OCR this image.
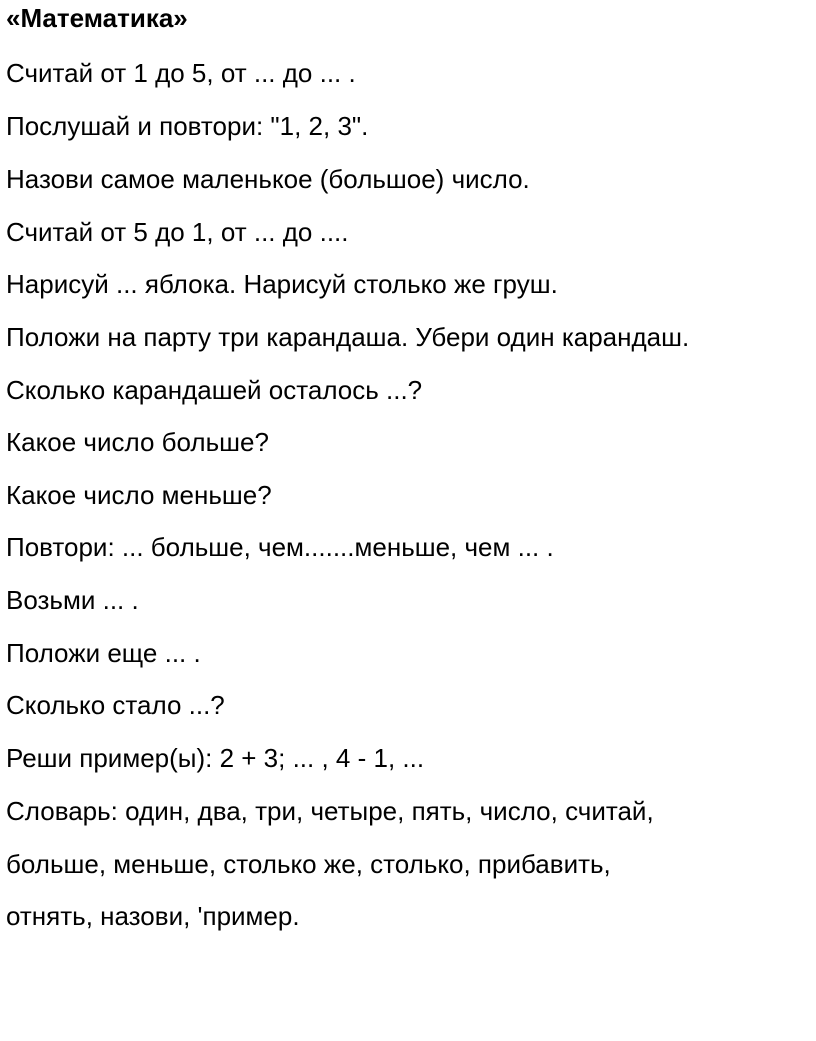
«Математика»
Считай от 1 до 5, от ... до ... .
Послушай и повтори: "1, 2, 3".
Назови самое маленькое (большое) число.
Считай от 5 до 1, от ... до ....
Нарисуй ... яблока. Нарисуй столько же груш.
Положи на парту три карандаша. Убери один карандаш.
Сколько карандашей осталось ...?
Какое число больше?
Какое число меньше?
Повтори: ... больше, чем.......меньше, чем ... .
Возьми ... .
Положи еще ... .
Сколько стало ...?
Реши пример(ы): 2 + 3; ... , 4 - 1, ...
Словарь: один, два, три, четыре, пять, число, считай,
больше, меньше, столько же, столько, прибавить,
отнять, назови, 'пример.
